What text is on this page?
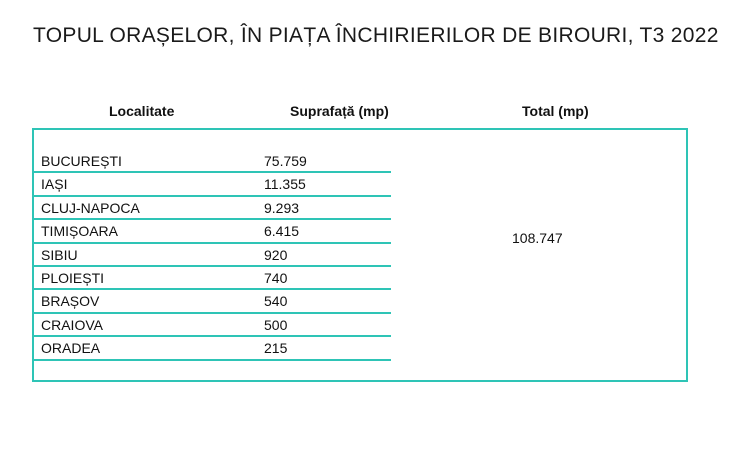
TOPUL ORAȘELOR, ÎN PIAȚA ÎNCHIRIERILOR DE BIROURI, T3 2022
Localitate	Suprafață (mp)	Total (mp)
BUCUREȘTI	75.759
IAȘI	11.355
CLUJ-NAPOCA	9.293
TIMIȘOARA	6.415
SIBIU	920
PLOIEȘTI	740
BRAȘOV	540
CRAIOVA	500
ORADEA	215
108.747
